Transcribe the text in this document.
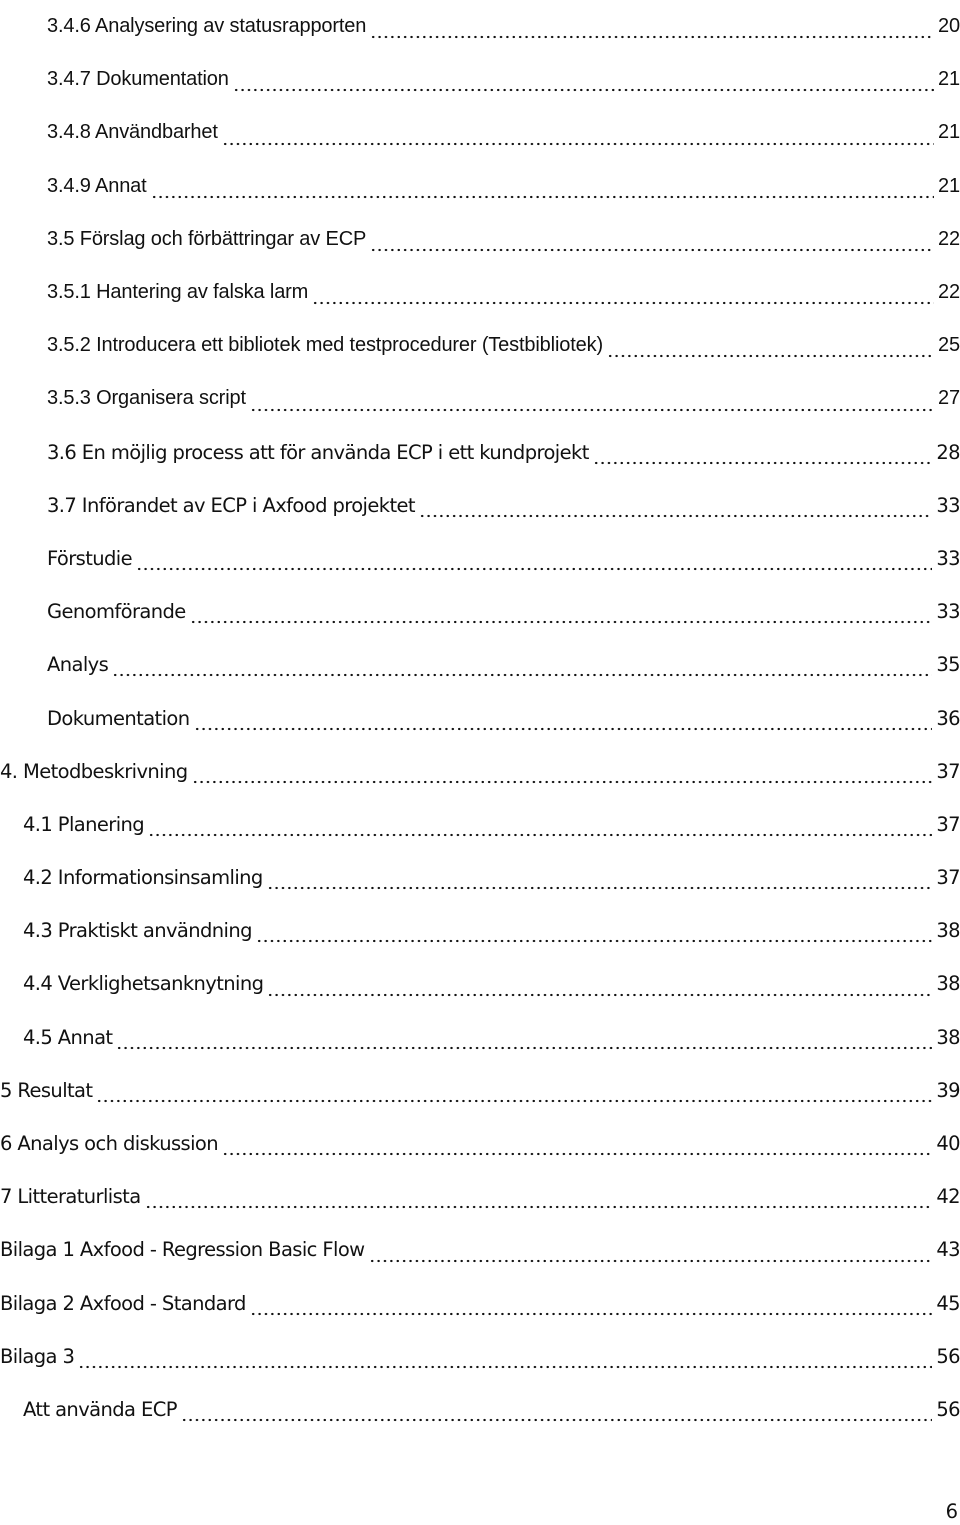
3.4.6 Analysering av statusrapporten	20
3.4.7 Dokumentation	21
3.4.8 Användbarhet	21
3.4.9 Annat	21
3.5 Förslag och förbättringar av ECP	22
3.5.1 Hantering av falska larm	22
3.5.2 Introducera ett bibliotek med testprocedurer (Testbibliotek)	25
3.5.3 Organisera script	27
3.6 En möjlig process att för använda ECP i ett kundprojekt	28
3.7 Införandet av ECP i Axfood projektet	33
Förstudie	33
Genomförande	33
Analys	35
Dokumentation	36
4. Metodbeskrivning	37
4.1 Planering	37
4.2 Informationsinsamling	37
4.3 Praktiskt användning	38
4.4 Verklighetsanknytning	38
4.5 Annat	38
5 Resultat	39
6 Analys och diskussion	40
7 Litteraturlista	42
Bilaga 1 Axfood - Regression Basic Flow	43
Bilaga 2 Axfood - Standard	45
Bilaga 3	56
Att använda ECP	56
6
